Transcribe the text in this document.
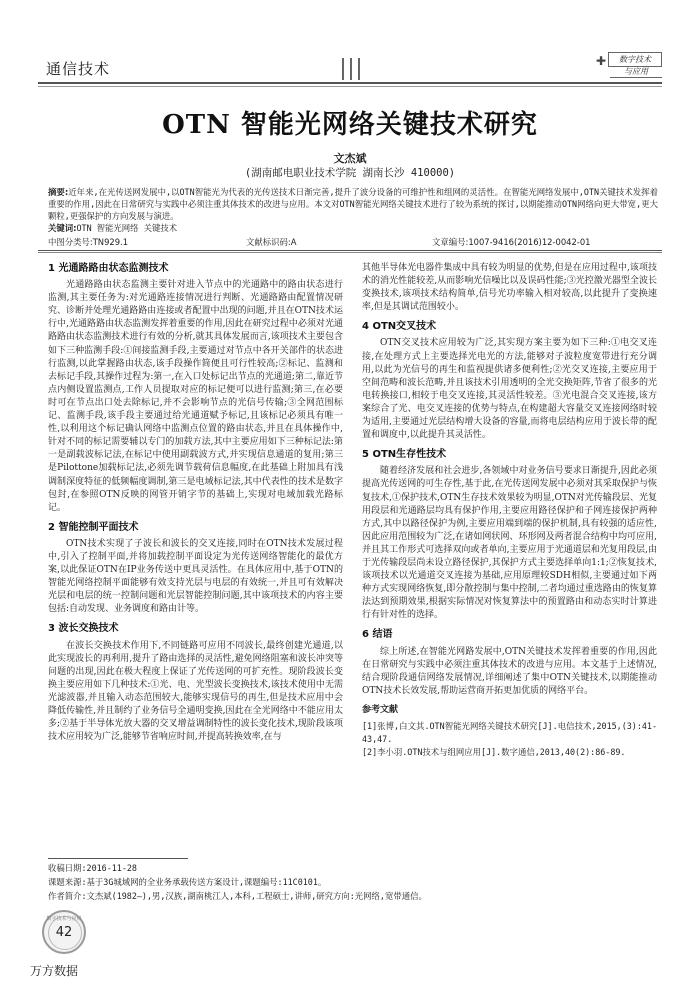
通信技术	✚	数字技术
与应用
OTN 智能光网络关键技术研究
文杰斌
(湖南邮电职业技术学院 湖南长沙 410000)
摘要:近年来,在光传送网发展中,以OTN智能光为代表的光传送技术日渐完善,提升了波分设备的可维护性和组网的灵活性。在智能光网络发展中,OTN关键技术发挥着重要的作用,因此在日常研究与实践中必须注重其体技术的改进与应用。本文对OTN智能光网络关键技术进行了较为系统的探讨,以期能推动OTN网络向更大带宽,更大颗粒,更强保护的方向发展与演进。
关键词:OTN 智能光网络 关键技术
中图分类号:TN929.1	文献标识码:A	文章编号:1007-9416(2016)12-0042-01
1 光通路路由状态监测技术

光通路路由状态监测主要针对进入节点中的光通路中的路由状态进行监测,其主要任务为:对光通路连接情况进行判断、光通路路由配置情况研究、诊断并处理光通路路由连接或者配置中出现的问题,并且在OTN技术运行中,光通路路由状态监测发挥着重要的作用,因此在研究过程中必须对光通路路由状态监测技术进行有效的分析,就其具体发展而言,该项技术主要包含如下三种监测手段:①间接监测手段,主要通过对节点中各开关部件的状态进行监测,以此掌握路由状态,该手段操作简便且可行性较高;②标记、监测和去标记手段,其操作过程为:第一,在入口处标记出节点的光通道;第二,靠近节点内侧设置监测点,工作人员提取对应的标记便可以进行监测;第三,在必要时可在节点出口处去除标记,并不会影响节点的光信号传输;③全网范围标记、监测手段,该手段主要通过给光通道赋予标记,且该标记必须具有唯一性,以利用这个标记确认网络中监测点位置的路由状态,并且在具体操作中,针对不同的标记需要辅以专门的加载方法,其中主要应用如下三种标记法:第一是副载波标记法,在标记中使用副载波方式,并实现信息通道的复用;第三是Pilottone加载标记法,必须先调节载荷信息幅度,在此基础上附加具有浅调制深度特征的低频幅度调制,第三是电域标记法,其中代表性的技术是数字包封,在参照OTN反映的网管开销字节的基础上,实现对电域加载光路标记。

2 智能控制平面技术

OTN技术实现了子波长和波长的交叉连接,同时在OTN技术发展过程中,引入了控制平面,并将加载控制平面设定为光传送网络智能化的最优方案,以此保证OTN在IP业务传送中更具灵活性。在具体应用中,基于OTN的智能光网络控制平面能够有效支持光层与电层的有效统一,并且可有效解决光层和电层的统一控制问题和光层智能控制问题,其中该项技术的内容主要包括:自动发现、业务调度和路由计等。

3 波长交换技术

在波长交换技术作用下,不同链路可应用不同波长,最终创建光通道,以此实现波长的再利用,提升了路由选择的灵活性,避免网络阻塞和波长冲突等问题的出现,因此在极大程度上保证了光传送网的可扩充性。现阶段波长变换主要应用如下几种技术:①光、电、光型波长变换技术,该技术使用中无需光滤波器,并且输入动态范围较大,能够实现信号的再生,但是技术应用中会降低传输性,并且制约了业务信号全通明变换,因此在全光网络中不能应用太多;②基于半导体光放大器的交叉增益调制特性的波长变化技术,现阶段该项技术应用较为广泛,能够节省响应时间,并提高转换效率,在与

其他半导体光电器件集成中具有较为明显的优势,但是在应用过程中,该项技术的消光性能较差,从而影响光信噪比以及误码性能;③光控激光器型全波长变换技术,该项技术结构简单,信号光功率输入相对较高,以此提升了变换速率,但是其调试范围较小。

4 OTN交叉技术

OTN交叉技术应用较为广泛,其实现方案主要为如下三种:①电交叉连接,在处理方式上主要选择光电光的方法,能够对子波粒度宽带进行充分调用,以此为光信号的再生和监视提供诸多便利性;②光交叉连接,主要应用于空间范畴和波长范畴,并且该技术引用透明的全光交换矩阵,节省了很多的光电转换接口,相较于电交叉连接,其灵活性较差。③光电混合交叉连接,该方案综合了光、电交叉连接的优势与特点,在构建超大容量交叉连接网络时较为适用,主要通过光层结构增大设备的容量,而将电层结构应用于波长带的配置和调度中,以此提升其灵活性。

5 OTN生存性技术

随着经济发展和社会进步,各领域中对业务信号要求日渐提升,因此必须提高光传送网的可生存性,基于此,在光传送网发展中必须对其采取保护与恢复技术,①保护技术,OTN生存技术效果较为明显,OTN对光传输段层、光复用段层和光通路层均具有保护作用,主要应用路径保护和子网连接保护两种方式,其中以路径保护为例,主要应用端到端的保护机制,具有较强的适应性,因此应用范围较为广泛,在诸如网状网、环形网及两者混合结构中均可应用,并且其工作形式可选择双向或者单向,主要应用于光通道层和光复用段层,由于光传输段层尚未设立路径保护,其保护方式主要选择单向1:1;②恢复技术,该项技术以光通道交叉连接为基础,应用原理较SDH相似,主要通过如下两种方式实现网络恢复,即分散控制与集中控制,二者均通过重选路由的恢复算法达到预期效果,根据实际情况对恢复算法中的预置路由和动态实时计算进行有针对性的选择。

6 结语

综上所述,在智能光网路发展中,OTN关键技术发挥着重要的作用,因此在日常研究与实践中必须注重其体技术的改进与应用。本文基于上述情况,结合现阶段通信网络发展情况,详细阐述了集中OTN关键技术,以期能推动OTN技术长效发展,帮助运营商开拓更加优质的网络平台。

参考文献
[1]张博,白文其.OTN智能光网络关键技术研究[J].电信技术,2015,(3):41-43,47.
[2]李小羽.OTN技术与组网应用[J].数字通信,2013,40(2):86-89.
收稿日期:2016-11-28
课题来源:基于3G城域网的全业务承载传送方案设计,课题编号:11C0101。
作者简介:文杰斌(1982—),男,汉族,湖南桃江人,本科,工程硕士,讲师,研究方向:光网络,宽带通信。
数字技术与应用
42
万方数据
